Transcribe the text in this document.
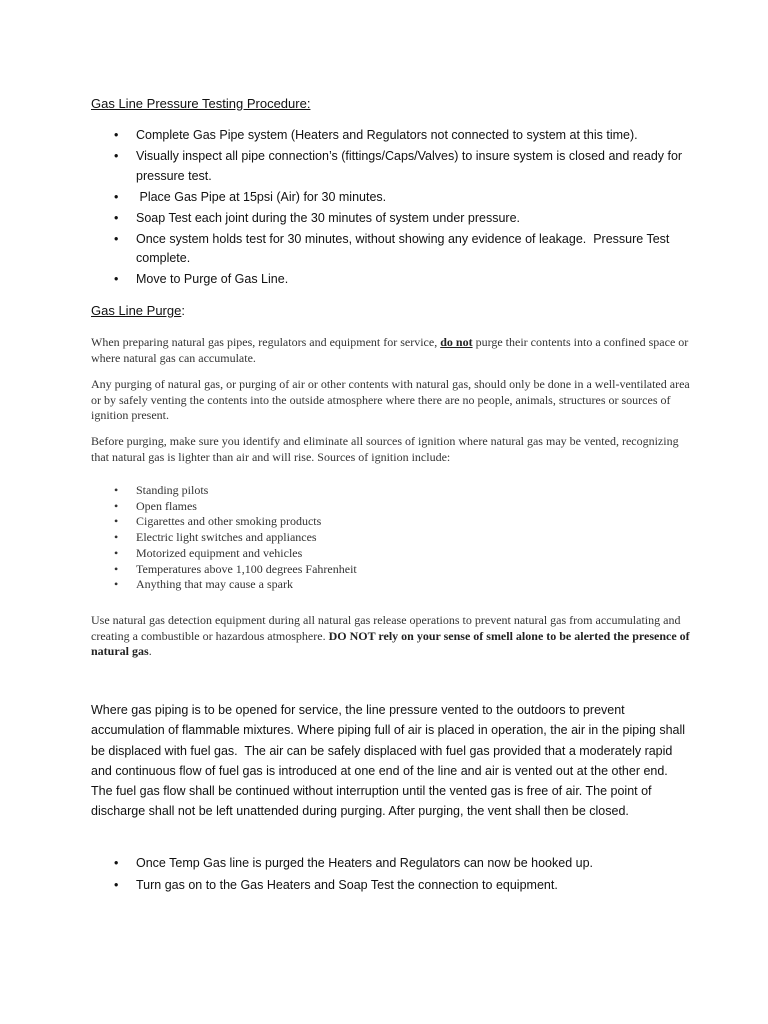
Gas Line Pressure Testing Procedure:
• Complete Gas Pipe system (Heaters and Regulators not connected to system at this time).
• Visually inspect all pipe connection’s (fittings/Caps/Valves) to insure system is closed and ready for pressure test.
• Place Gas Pipe at 15psi (Air) for 30 minutes.
• Soap Test each joint during the 30 minutes of system under pressure.
• Once system holds test for 30 minutes, without showing any evidence of leakage.  Pressure Test complete.
• Move to Purge of Gas Line.
Gas Line Purge:

When preparing natural gas pipes, regulators and equipment for service, do not purge their contents into a confined space or where natural gas can accumulate.

Any purging of natural gas, or purging of air or other contents with natural gas, should only be done in a well-ventilated area or by safely venting the contents into the outside atmosphere where there are no people, animals, structures or sources of ignition present.

Before purging, make sure you identify and eliminate all sources of ignition where natural gas may be vented, recognizing that natural gas is lighter than air and will rise. Sources of ignition include:

• Standing pilots
• Open flames
• Cigarettes and other smoking products
• Electric light switches and appliances
• Motorized equipment and vehicles
• Temperatures above 1,100 degrees Fahrenheit
• Anything that may cause a spark

Use natural gas detection equipment during all natural gas release operations to prevent natural gas from accumulating and creating a combustible or hazardous atmosphere. DO NOT rely on your sense of smell alone to be alerted the presence of natural gas.

Where gas piping is to be opened for service, the line pressure vented to the outdoors to prevent accumulation of flammable mixtures. Where piping full of air is placed in operation, the air in the piping shall be displaced with fuel gas.  The air can be safely displaced with fuel gas provided that a moderately rapid and continuous flow of fuel gas is introduced at one end of the line and air is vented out at the other end. The fuel gas flow shall be continued without interruption until the vented gas is free of air. The point of discharge shall not be left unattended during purging. After purging, the vent shall then be closed.

• Once Temp Gas line is purged the Heaters and Regulators can now be hooked up.
• Turn gas on to the Gas Heaters and Soap Test the connection to equipment.
